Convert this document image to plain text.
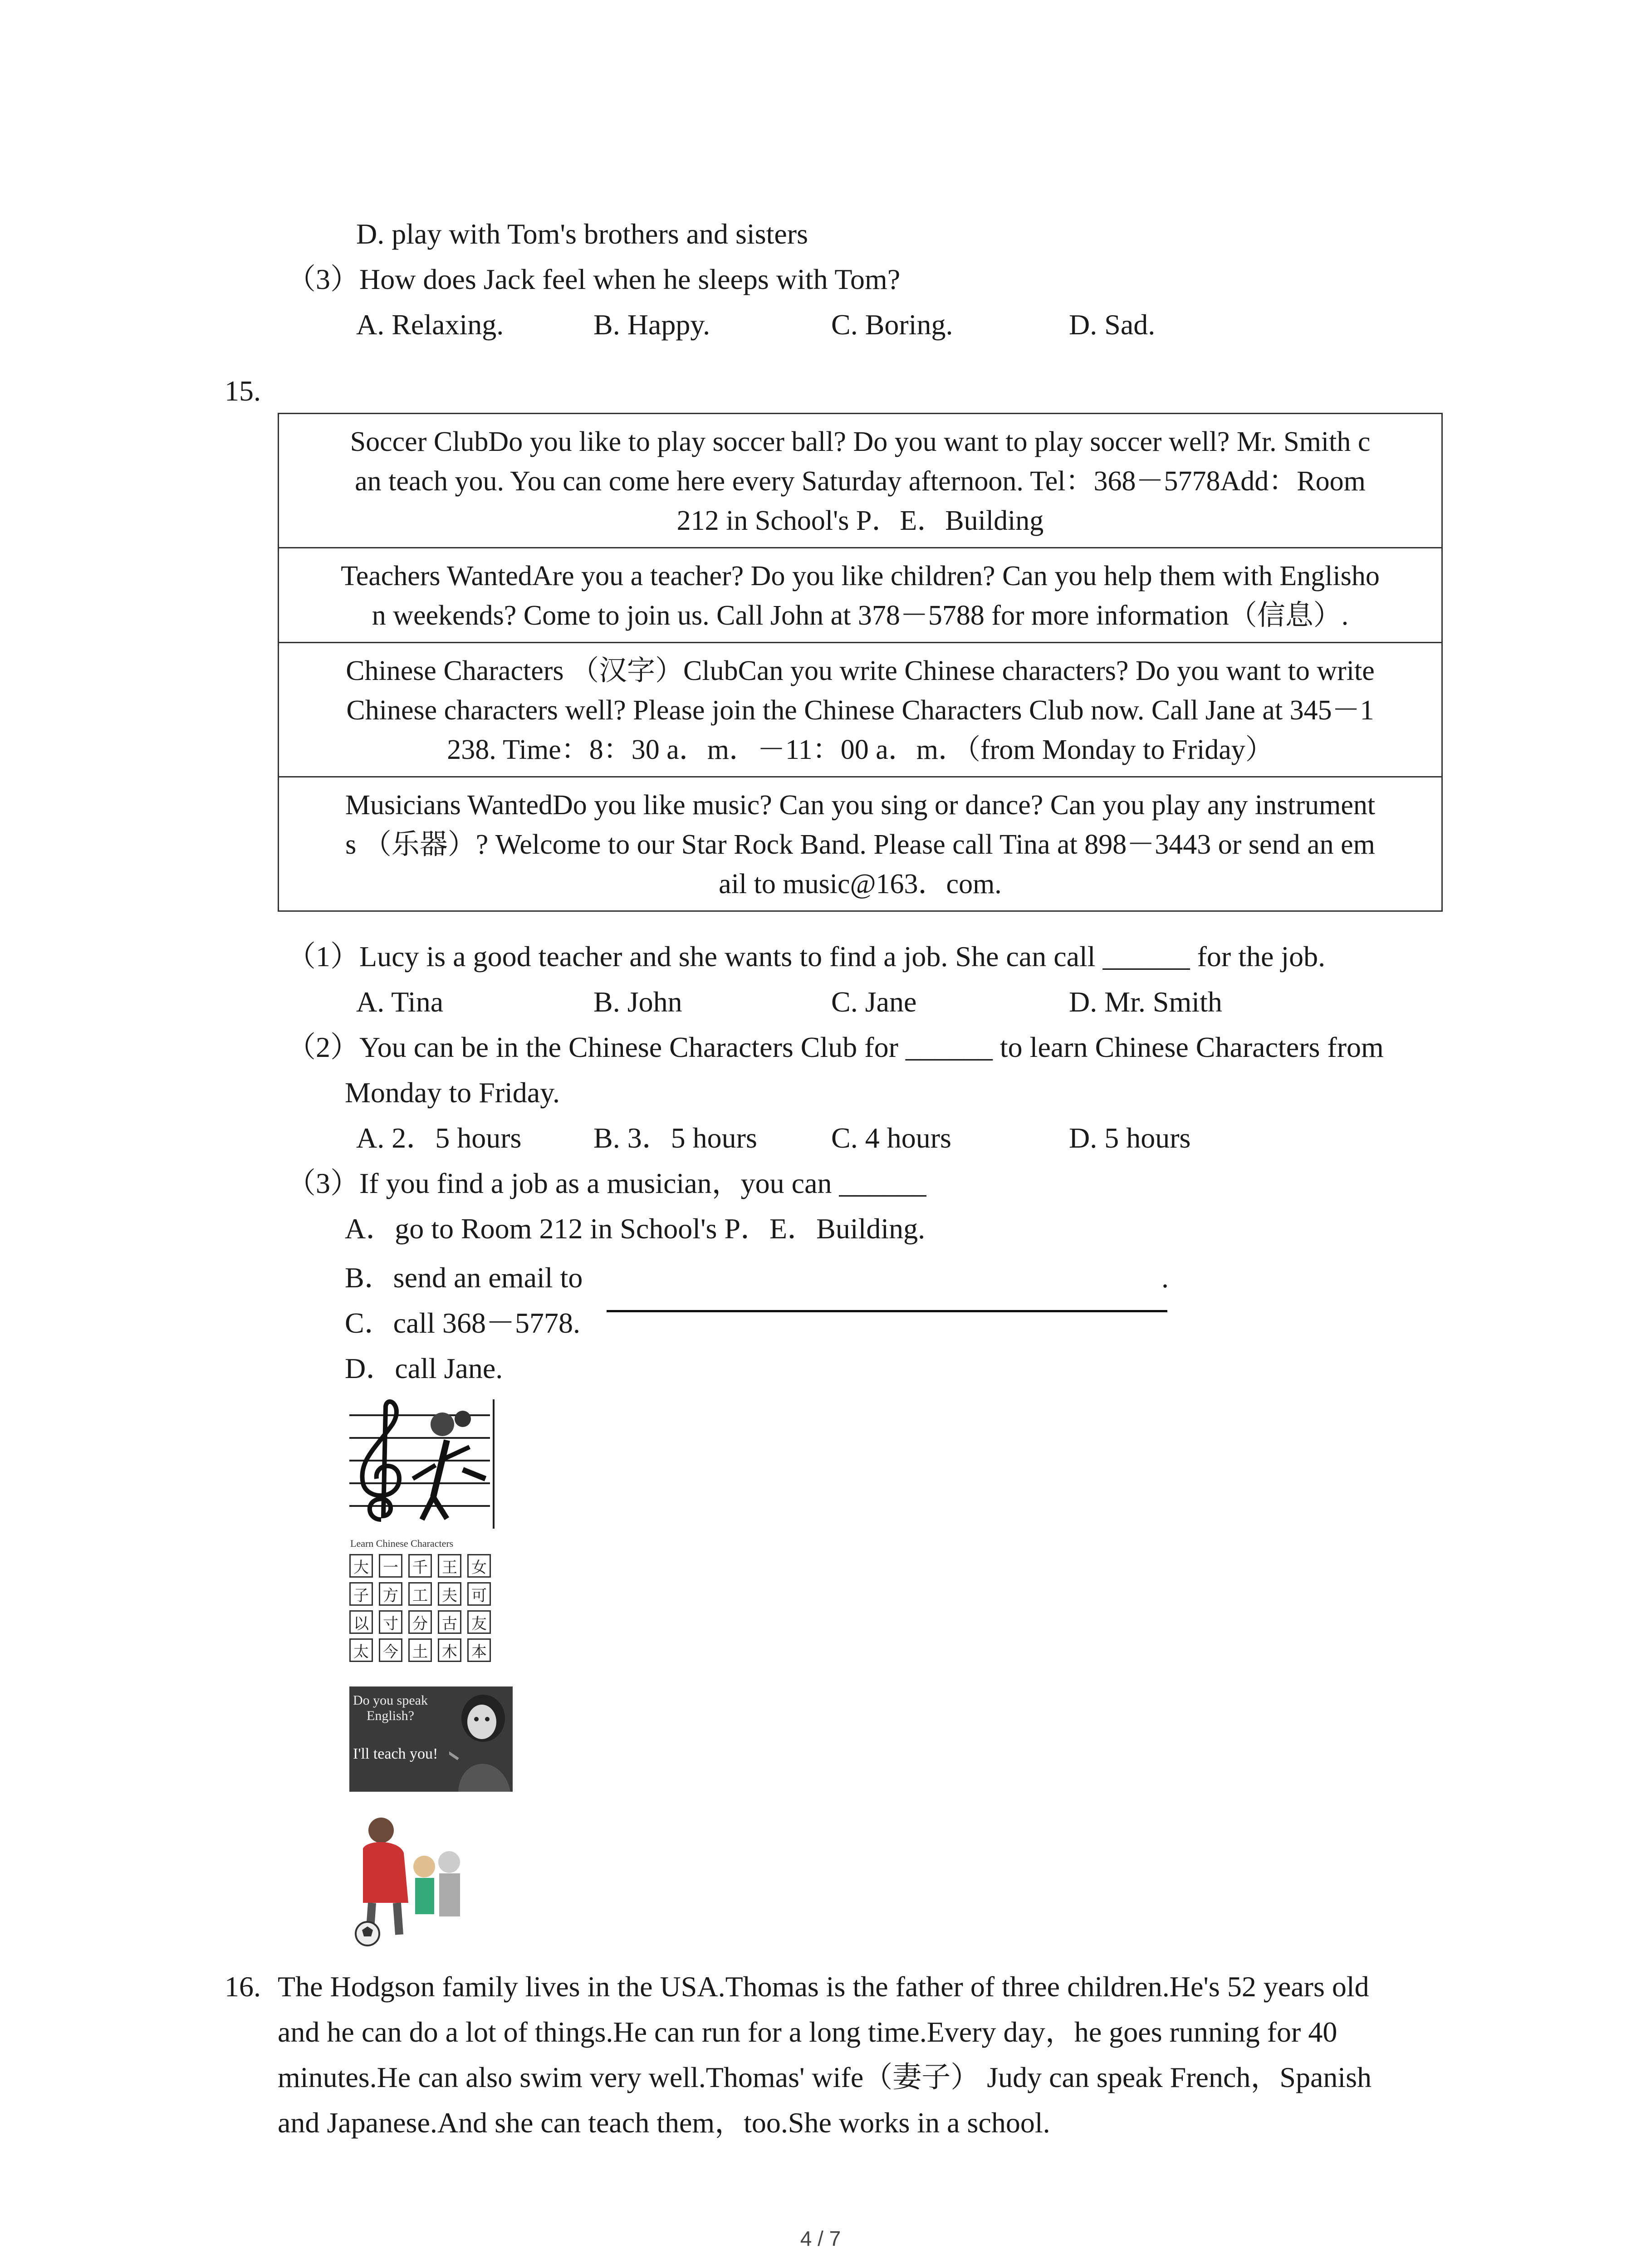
D. play with Tom's brothers and sisters
（3）How does Jack feel when he sleeps with Tom?
A. Relaxing.	B. Happy.	C. Boring.	D. Sad.
15.
Soccer ClubDo you like to play soccer ball? Do you want to play soccer well? Mr. Smith c
an teach you. You can come here every Saturday afternoon. Tel：368－5778Add：Room
212 in School's P．E．Building
Teachers WantedAre you a teacher? Do you like children? Can you help them with Englisho
n weekends? Come to join us. Call John at 378－5788 for more information（信息）.
Chinese Characters （汉字）ClubCan you write Chinese characters? Do you want to write
Chinese characters well? Please join the Chinese Characters Club now. Call Jane at 345－1
238. Time：8：30 a．m．－11：00 a．m．（from Monday to Friday）
Musicians WantedDo you like music? Can you sing or dance? Can you play any instrument
s （乐器）? Welcome to our Star Rock Band. Please call Tina at 898－3443 or send an em
ail to music@163．com.
（1）Lucy is a good teacher and she wants to find a job. She can call ______ for the job.
A. Tina	B. John	C. Jane	D. Mr. Smith
（2）You can be in the Chinese Characters Club for ______ to learn Chinese Characters from
Monday to Friday.
A. 2．5 hours B. 3．5 hours	C. 4 hours	D. 5 hours
（3）If you find a job as a musician，you can ______
A．go to Room 212 in School's P．E．Building.
B．send an email to	.
C．call 368－5778.
D．call Jane.
Learn Chinese Characters
大 一 千 王 女
子 方 工 夫 可
以 寸 分 古 友
太 今 土 木 本
Do you speak
English?
I'll teach you!
16. The Hodgson family lives in the USA.Thomas is the father of three children.He's 52 years old
and he can do a lot of things.He can run for a long time.Every day，he goes running for 40
minutes.He can also swim very well.Thomas' wife（妻子） Judy can speak French，Spanish
and Japanese.And she can teach them，too.She works in a school.
4 / 7
